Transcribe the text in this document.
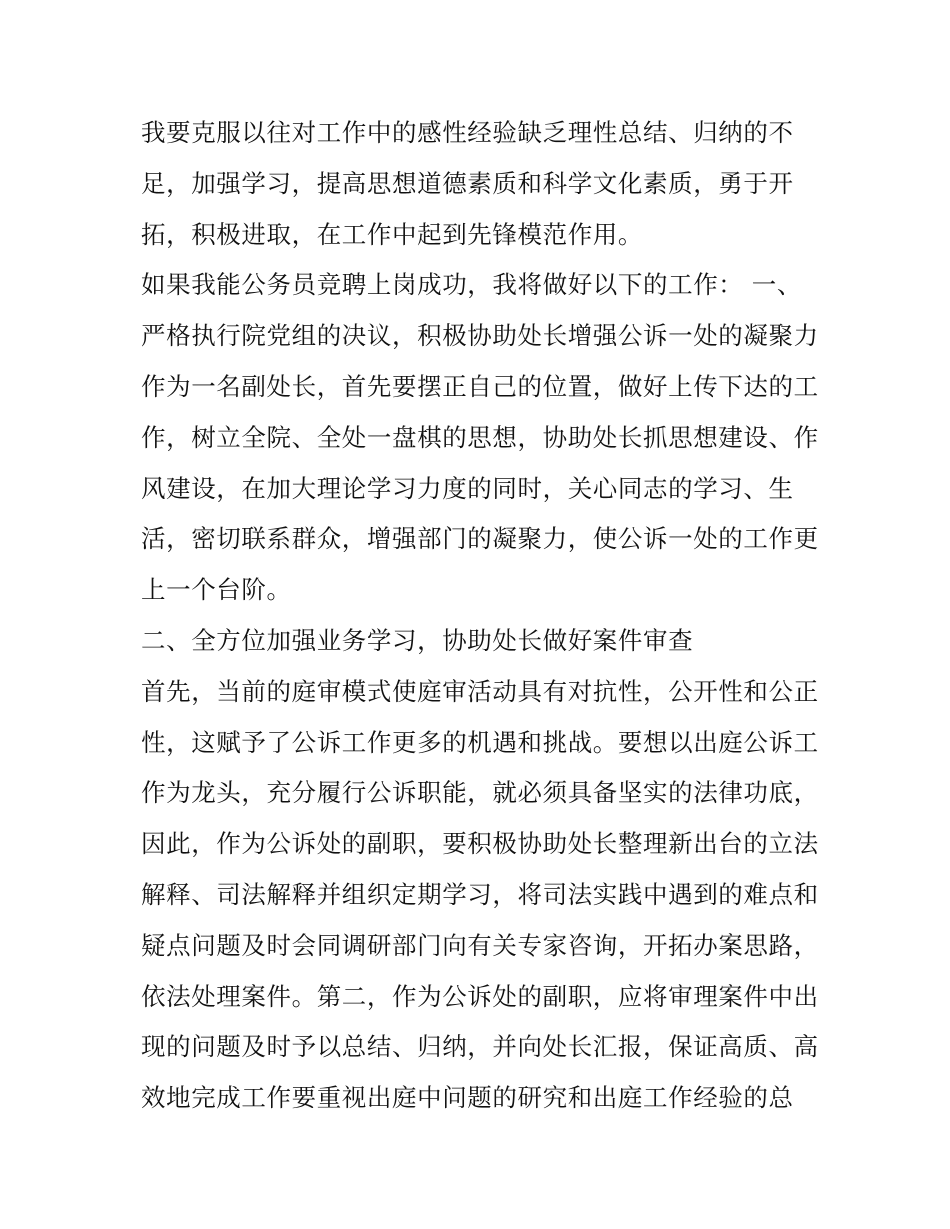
我要克服以往对工作中的感性经验缺乏理性总结、归纳的不
足，加强学习，提高思想道德素质和科学文化素质，勇于开
拓，积极进取，在工作中起到先锋模范作用。
如果我能公务员竞聘上岗成功，我将做好以下的工作： 一、
严格执行院党组的决议，积极协助处长增强公诉一处的凝聚力
作为一名副处长，首先要摆正自己的位置，做好上传下达的工
作，树立全院、全处一盘棋的思想，协助处长抓思想建设、作
风建设，在加大理论学习力度的同时，关心同志的学习、生
活，密切联系群众，增强部门的凝聚力，使公诉一处的工作更
上一个台阶。
二、全方位加强业务学习，协助处长做好案件审查
首先，当前的庭审模式使庭审活动具有对抗性，公开性和公正
性，这赋予了公诉工作更多的机遇和挑战。要想以出庭公诉工
作为龙头，充分履行公诉职能，就必须具备坚实的法律功底，
因此，作为公诉处的副职，要积极协助处长整理新出台的立法
解释、司法解释并组织定期学习，将司法实践中遇到的难点和
疑点问题及时会同调研部门向有关专家咨询，开拓办案思路，
依法处理案件。第二，作为公诉处的副职，应将审理案件中出
现的问题及时予以总结、归纳，并向处长汇报，保证高质、高
效地完成工作要重视出庭中问题的研究和出庭工作经验的总
